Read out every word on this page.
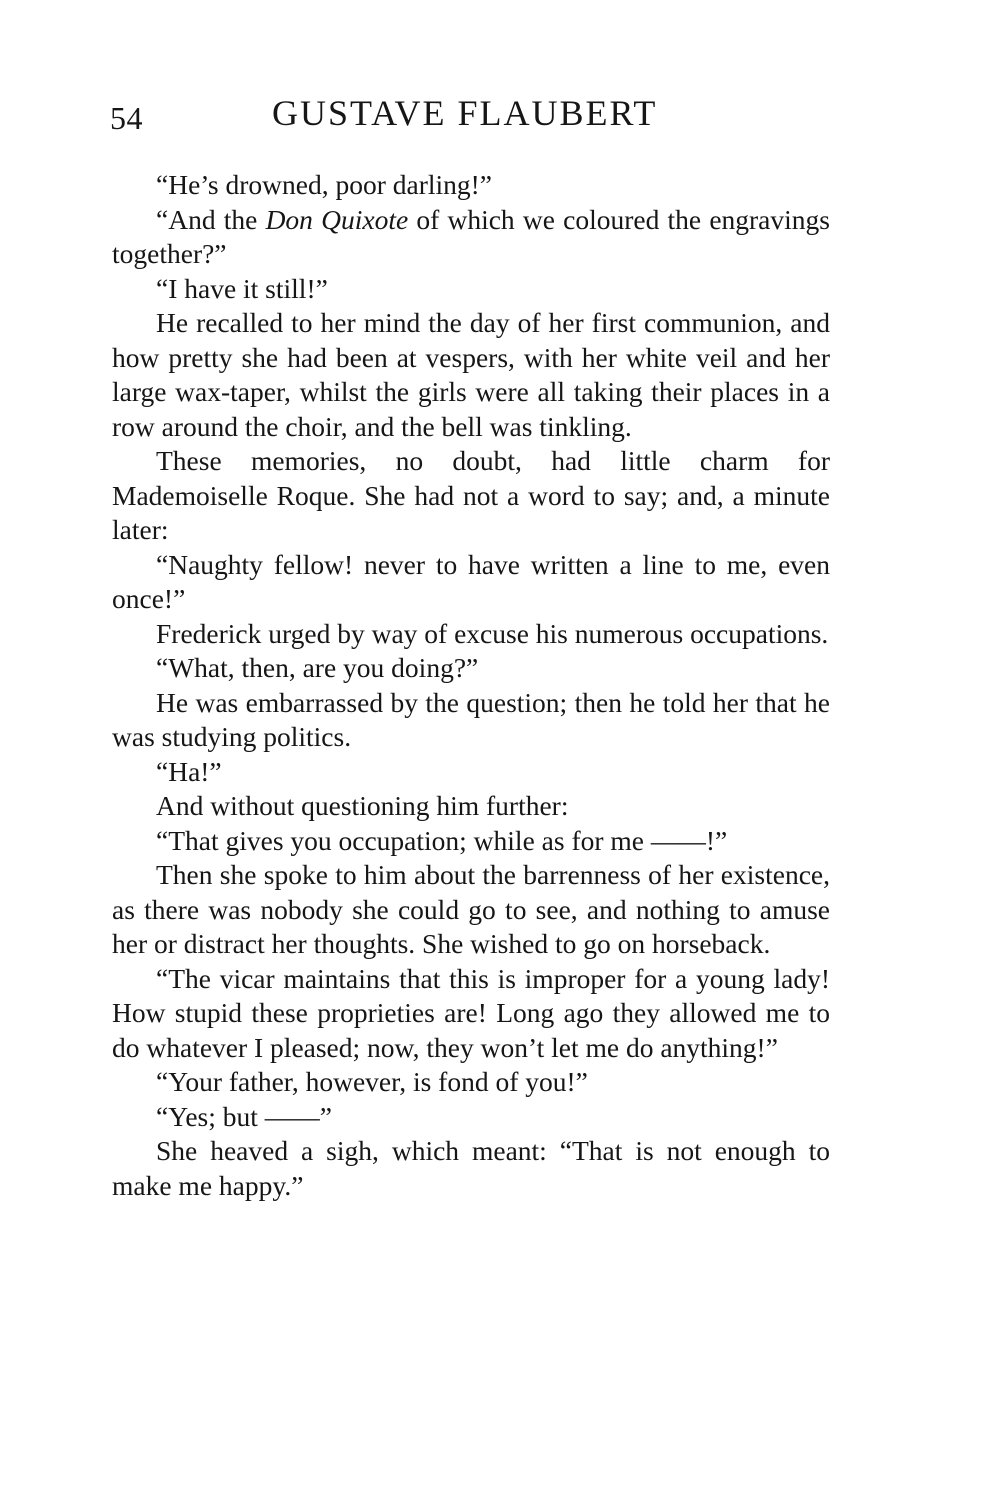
54	GUSTAVE FLAUBERT

“He’s drowned, poor darling!”

“And the Don Quixote of which we coloured the engravings together?”

“I have it still!”

He recalled to her mind the day of her first communion, and how pretty she had been at vespers, with her white veil and her large wax-taper, whilst the girls were all taking their places in a row around the choir, and the bell was tinkling.

These memories, no doubt, had little charm for Mademoiselle Roque. She had not a word to say; and, a minute later:

“Naughty fellow! never to have written a line to me, even once!”

Frederick urged by way of excuse his numerous occupations.

“What, then, are you doing?”

He was embarrassed by the question; then he told her that he was studying politics.

“Ha!”

And without questioning him further:

“That gives you occupation; while as for me ——!”

Then she spoke to him about the barrenness of her existence, as there was nobody she could go to see, and nothing to amuse her or distract her thoughts. She wished to go on horseback.

“The vicar maintains that this is improper for a young lady! How stupid these proprieties are! Long ago they allowed me to do whatever I pleased; now, they won’t let me do anything!”

“Your father, however, is fond of you!”

“Yes; but ——”

She heaved a sigh, which meant: “That is not enough to make me happy.”
